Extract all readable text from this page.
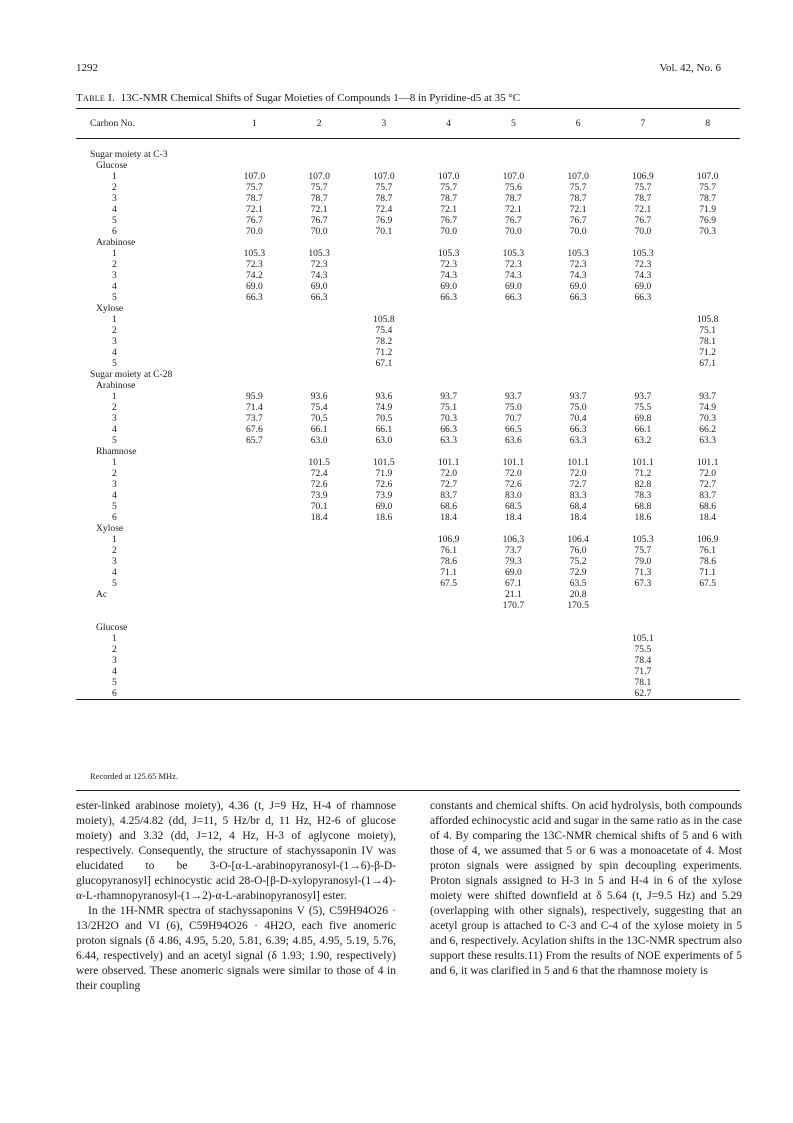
1292	Vol. 42, No. 6
Table I. 13C-NMR Chemical Shifts of Sugar Moieties of Compounds 1—8 in Pyridine-d5 at 35 °C
Carbon No.	1	2	3	4	5	6	7	8
Sugar moiety at C-3								
Glucose								
1	107.0	107.0	107.0	107.0	107.0	107.0	106.9	107.0
2	75.7	75.7	75.7	75.7	75.6	75.7	75.7	75.7
3	78.7	78.7	78.7	78.7	78.7	78.7	78.7	78.7
4	72.1	72.1	72.4	72.1	72.1	72.1	72.1	71.9
5	76.7	76.7	76.9	76.7	76.7	76.7	76.7	76.9
6	70.0	70.0	70.1	70.0	70.0	70.0	70.0	70.3
Arabinose								
1	105.3	105.3		105.3	105.3	105.3	105.3	
2	72.3	72.3		72.3	72.3	72.3	72.3	
3	74.2	74.3		74.3	74.3	74.3	74.3	
4	69.0	69.0		69.0	69.0	69.0	69.0	
5	66.3	66.3		66.3	66.3	66.3	66.3	
Xylose								
1			105.8					105.8
2			75.4					75.1
3			78.2					78.1
4			71.2					71.2
5			67.1					67.1
Sugar moiety at C-28								
Arabinose								
1	95.9	93.6	93.6	93.7	93.7	93.7	93.7	93.7
2	71.4	75.4	74.9	75.1	75.0	75.0	75.5	74.9
3	73.7	70.5	70.5	70.3	70.7	70.4	69.8	70.3
4	67.6	66.1	66.1	66.3	66.5	66.3	66.1	66.2
5	65.7	63.0	63.0	63.3	63.6	63.3	63.2	63.3
Rhamnose								
1		101.5	101.5	101.1	101.1	101.1	101.1	101.1
2		72.4	71.9	72.0	72.0	72.0	71.2	72.0
3		72.6	72.6	72.7	72.6	72.7	82.8	72.7
4		73.9	73.9	83.7	83.0	83.3	78.3	83.7
5		70.1	69.0	68.6	68.5	68.4	68.8	68.6
6		18.4	18.6	18.4	18.4	18.4	18.6	18.4
Xylose								
1				106.9	106.3	106.4	105.3	106.9
2				76.1	73.7	76.0	75.7	76.1
3				78.6	79.3	75.2	79.0	78.6
4				71.1	69.0	72.9	71.3	71.1
5				67.5	67.1	63.5	67.3	67.5
Ac					21.1	20.8		
					170.7	170.5		

Glucose								
1							105.1	
2							75.5	
3							78.4	
4							71.7	
5							78.1	
6							62.7	

Recorded at 125.65 MHz.
ester-linked arabinose moiety), 4.36 (t, J=9 Hz, H-4 of rhamnose moiety), 4.25/4.82 (dd, J=11, 5 Hz/br d, 11 Hz, H2-6 of glucose moiety) and 3.32 (dd, J=12, 4 Hz, H-3 of aglycone moiety), respectively. Consequently, the structure of stachyssaponin IV was elucidated to be 3-O-[α-L-arabinopyranosyl-(1→6)-β-D-glucopyranosyl] echinocystic acid 28-O-[β-D-xylopyranosyl-(1→4)-α-L-rhamnopyranosyl-(1→2)-α-L-arabinopyranosyl] ester.
In the 1H-NMR spectra of stachyssaponins V (5), C59H94O26 · 13/2H2O and VI (6), C59H94O26 · 4H2O, each five anomeric proton signals (δ 4.86, 4.95, 5.20, 5.81, 6.39; 4.85, 4.95, 5.19, 5.76, 6.44, respectively) and an acetyl signal (δ 1.93; 1.90, respectively) were observed. These anomeric signals were similar to those of 4 in their coupling
constants and chemical shifts. On acid hydrolysis, both compounds afforded echinocystic acid and sugar in the same ratio as in the case of 4. By comparing the 13C-NMR chemical shifts of 5 and 6 with those of 4, we assumed that 5 or 6 was a monoacetate of 4. Most proton signals were assigned by spin decoupling experiments. Proton signals assigned to H-3 in 5 and H-4 in 6 of the xylose moiety were shifted downfield at δ 5.64 (t, J=9.5 Hz) and 5.29 (overlapping with other signals), respectively, suggesting that an acetyl group is attached to C-3 and C-4 of the xylose moiety in 5 and 6, respectively. Acylation shifts in the 13C-NMR spectrum also support these results.11) From the results of NOE experiments of 5 and 6, it was clarified in 5 and 6 that the rhamnose moiety is
